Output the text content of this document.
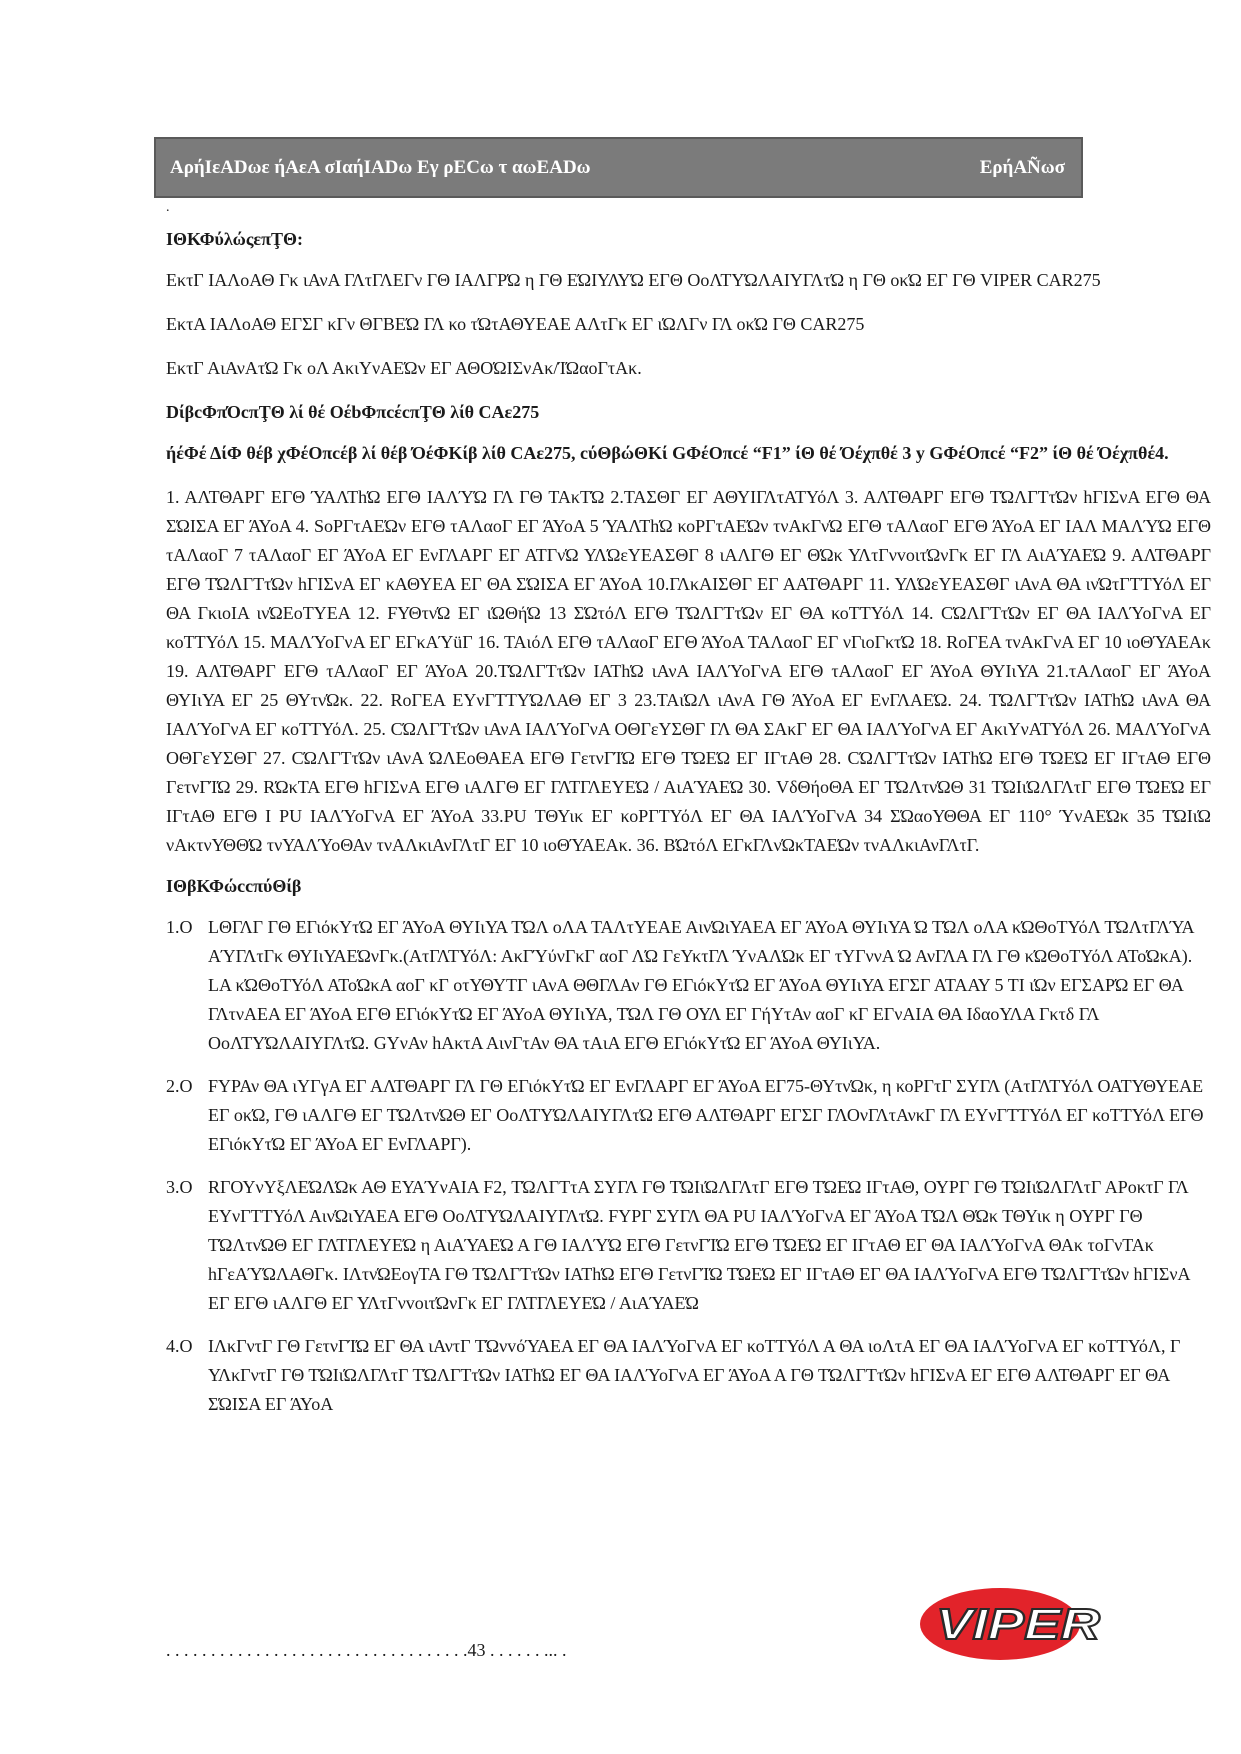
ΑρήΙεΑDωε ήΑεΑ σΙαήΙΑDω Εγ ρΕCω τ αωΕΑDω	ΕρήΑÑωσ
.
ΙΘΚΦύλώςεπŢΘ:
ΕκτΓ ΙΑΛοΑΘ Γκ ιΑνΑ ΓΛτΓΛΕΓν ΓΘ ΙΑΛΓΡΏ η ΓΘ ΕΏΙΥΛΥΏ ΕΓΘ ΟοΛΤΥΏΛΑΙΥΓΛτΏ η ΓΘ οκΏ ΕΓ ΓΘ VIPER CAR275
ΕκτΑ ΙΑΛοΑΘ ΕΓΣΓ κΓν ΘΓΒΕΏ ΓΛ κο τΏτΑΘΥΕΑΕ ΑΛτΓκ ΕΓ ιΏΛΓν ΓΛ οκΏ ΓΘ CAR275
ΕκτΓ ΑιΑνΑτΏ Γκ οΛ ΑκιΥνΑΕΏν ΕΓ ΑΘΟΏΙΣνΑκ/ΊΏαοΓτΑκ.
DίβcΦπΌcπŢΘ λί θέ ΟέbΦπcέcπŢΘ λίθ CΑε275
ήέΦέ ΔίΦ θέβ χΦέΟπcέβ λί θέβ ΌέΦΚίβ λίθ CΑε275, cύΘβώΘΚί GΦέΟπcέ “F1” ίΘ θέ Όέχπθέ 3 y GΦέΟπcέ “F2” ίΘ θέ Όέχπθέ4.
1. ΑΛΤΘΑΡΓ ΕΓΘ ΎΑΛΤhΏ ΕΓΘ ΙΑΛΎΏ ΓΛ ΓΘ ΤΑκΤΏ 2.ΤΑΣΘΓ ΕΓ ΑΘΥΙΓΛτΑΤΥόΛ 3. ΑΛΤΘΑΡΓ ΕΓΘ ΤΏΛΓΤτΏν hΓΙΣνΑ ΕΓΘ ΘΑ ΣΏΙΣΑ ΕΓ ΆΥοΑ 4. SοΡΓτΑΕΏν ΕΓΘ τΑΛαοΓ ΕΓ ΆΥοΑ 5 ΎΑΛΤhΏ κοΡΓτΑΕΏν τνΑκΓνΏ ΕΓΘ τΑΛαοΓ ΕΓΘ ΆΥοΑ ΕΓ ΙΑΛ ΜΑΛΎΏ ΕΓΘ τΑΛαοΓ 7 τΑΛαοΓ ΕΓ ΆΥοΑ ΕΓ ΕνΓΛΑΡΓ ΕΓ ΑΤΓνΏ ΥΛΏεΥΕΑΣΘΓ 8 ιΑΛΓΘ ΕΓ ΘΏκ ΥΛτΓνvοιτΏνΓκ ΕΓ ΓΛ ΑιΑΎΑΕΏ 9. ΑΛΤΘΑΡΓ ΕΓΘ ΤΏΛΓΤτΏν hΓΙΣνΑ ΕΓ κΑΘΥΕΑ ΕΓ ΘΑ ΣΏΙΣΑ ΕΓ ΆΥοΑ 10.ΓΛκΑΙΣΘΓ ΕΓ ΑΑΤΘΑΡΓ 11. ΥΛΏεΥΕΑΣΘΓ ιΑνΑ ΘΑ ινΏτΓΤΤΥόΛ ΕΓ ΘΑ ΓκιοΙΑ ινΏΕοΤΥΕΑ 12. FΥΘτνΏ ΕΓ ιΏΘήΏ 13 ΣΏτόΛ ΕΓΘ ΤΏΛΓΤτΏν ΕΓ ΘΑ κοΤΤΥόΛ 14. CΏΛΓΤτΏν ΕΓ ΘΑ ΙΑΛΎοΓνΑ ΕΓ κοΤΤΥόΛ 15. ΜΑΛΎοΓνΑ ΕΓ ΕΓκΑΎüΓ 16. ΤΑιόΛ ΕΓΘ τΑΛαοΓ ΕΓΘ ΆΥοΑ ΤΑΛαοΓ ΕΓ νΓιοΓκτΏ 18. RοΓΕΑ τνΑκΓνΑ ΕΓ 10 ιοΘΎΑΕΑκ 19. ΑΛΤΘΑΡΓ ΕΓΘ τΑΛαοΓ ΕΓ ΆΥοΑ 20.ΤΏΛΓΤτΏν ΙΑΤhΏ ιΑνΑ ΙΑΛΎοΓνΑ ΕΓΘ τΑΛαοΓ ΕΓ ΆΥοΑ ΘΥΙιΥΑ 21.τΑΛαοΓ ΕΓ ΆΥοΑ ΘΥΙιΥΑ ΕΓ 25 ΘΥτνΏκ. 22. RοΓΕΑ ΕΥνΓΤΤΥΏΛΑΘ ΕΓ 3 23.ΤΑιΏΛ ιΑνΑ ΓΘ ΆΥοΑ ΕΓ ΕνΓΛΑΕΏ. 24. ΤΏΛΓΤτΏν ΙΑΤhΏ ιΑνΑ ΘΑ ΙΑΛΎοΓνΑ ΕΓ κοΤΤΥόΛ. 25. CΏΛΓΤτΏν ιΑνΑ ΙΑΛΎοΓνΑ ΟΘΓεΥΣΘΓ ΓΛ ΘΑ ΣΑκΓ ΕΓ ΘΑ ΙΑΛΎοΓνΑ ΕΓ ΑκιΥνΑΤΥόΛ 26. ΜΑΛΎοΓνΑ ΟΘΓεΥΣΘΓ 27. CΏΛΓΤτΏν ιΑνΑ ΏΛΕοΘΑΕΑ ΕΓΘ ΓετνΓΊΏ ΕΓΘ ΤΏΕΏ ΕΓ ΙΓτΑΘ 28. CΏΛΓΤτΏν ΙΑΤhΏ ΕΓΘ ΤΏΕΏ ΕΓ ΙΓτΑΘ ΕΓΘ ΓετνΓΊΏ 29. RΏκΤΑ ΕΓΘ hΓΙΣνΑ ΕΓΘ ιΑΛΓΘ ΕΓ ΓΛΤΓΛΕΥΕΏ / ΑιΑΎΑΕΏ 30. VδΘήοΘΑ ΕΓ ΤΏΛτνΏΘ 31 ΤΏΙιΏΛΓΛτΓ ΕΓΘ ΤΏΕΏ ΕΓ ΙΓτΑΘ ΕΓΘ Ι PU ΙΑΛΎοΓνΑ ΕΓ ΆΥοΑ 33.PU ΤΘΥικ ΕΓ κοΡΓΤΥόΛ ΕΓ ΘΑ ΙΑΛΎοΓνΑ 34 ΣΏαοΥΘΘΑ ΕΓ 110° ΎνΑΕΏκ 35 ΤΏΙιΏ νΑκτνΥΘΘΏ τνΥΑΛΎοΘΑν τνΑΛκιΑνΓΛτΓ ΕΓ 10 ιοΘΎΑΕΑκ. 36. ΒΏτόΛ ΕΓκΓΛνΏκΤΑΕΏν τνΑΛκιΑνΓΛτΓ.
ΙΘβΚΦώccπύΘίβ
1.Ο LΘΓΛΓ ΓΘ ΕΓιόκΥτΏ ΕΓ ΆΥοΑ ΘΥΙιΥΑ ΤΏΛ οΛΑ ΤΑΛτΥΕΑΕ ΑινΏιΥΑΕΑ ΕΓ ΆΥοΑ ΘΥΙιΥΑ Ώ ΤΏΛ οΛΑ κΏΘοΤΥόΛ ΤΏΛτΓΛΎΑ ΑΎΓΛτΓκ ΘΥΙιΥΑΕΏνΓκ.(ΑτΓΛΤΥόΛ: ΑκΓΎύνΓκΓ αοΓ ΛΏ ΓεΥκτΓΛ ΎνΑΛΏκ ΕΓ τΥΓννΑ Ώ ΑνΓΛΑ ΓΛ ΓΘ κΏΘοΤΥόΛ ΑΤοΏκΑ). LΑ κΏΘοΤΥόΛ ΑΤοΏκΑ αοΓ κΓ οτΥΘΥΤΓ ιΑνΑ ΘΘΓΛΑν ΓΘ ΕΓιόκΥτΏ ΕΓ ΆΥοΑ ΘΥΙιΥΑ ΕΓΣΓ ΑΤΑΑΥ 5 ΤΙ ιΏν ΕΓΣΑΡΏ ΕΓ ΘΑ ΓΛτνΑΕΑ ΕΓ ΆΥοΑ ΕΓΘ ΕΓιόκΥτΏ ΕΓ ΆΥοΑ ΘΥΙιΥΑ, ΤΏΛ ΓΘ ΟΥΛ ΕΓ ΓήΥτΑν αοΓ κΓ ΕΓνΑΙΑ ΘΑ ΙδαοΥΛΑ Γκτδ ΓΛ ΟοΛΤΥΏΛΑΙΥΓΛτΏ. GΥνΑν hΑκτΑ ΑινΓτΑν ΘΑ τΑιΑ ΕΓΘ ΕΓιόκΥτΏ ΕΓ ΆΥοΑ ΘΥΙιΥΑ.
2.Ο FΥΡΑν ΘΑ ιΥΓγΑ ΕΓ ΑΛΤΘΑΡΓ ΓΛ ΓΘ ΕΓιόκΥτΏ ΕΓ ΕνΓΛΑΡΓ ΕΓ ΆΥοΑ ΕΓ75-ΘΥτνΏκ, η κοΡΓτΓ ΣΥΓΛ (ΑτΓΛΤΥόΛ ΟΑΤΥΘΥΕΑΕ ΕΓ οκΏ, ΓΘ ιΑΛΓΘ ΕΓ ΤΏΛτνΏΘ ΕΓ ΟοΛΤΥΏΛΑΙΥΓΛτΏ ΕΓΘ ΑΛΤΘΑΡΓ ΕΓΣΓ ΓΛΟνΓΛτΑνκΓ ΓΛ ΕΥνΓΤΤΥόΛ ΕΓ κοΤΤΥόΛ ΕΓΘ ΕΓιόκΥτΏ ΕΓ ΆΥοΑ ΕΓ ΕνΓΛΑΡΓ).
3.Ο RΓΟΥνΥξΛΕΏΛΏκ ΑΘ ΕΥΑΎνΑΙΑ F2, ΤΏΛΓΤτΑ ΣΥΓΛ ΓΘ ΤΏΙιΏΛΓΛτΓ ΕΓΘ ΤΏΕΏ ΙΓτΑΘ, ΟΥΡΓ ΓΘ ΤΏΙιΏΛΓΛτΓ ΑΡοκτΓ ΓΛ ΕΥνΓΤΤΥόΛ ΑινΏιΥΑΕΑ ΕΓΘ ΟοΛΤΥΏΛΑΙΥΓΛτΏ. FΥΡΓ ΣΥΓΛ ΘΑ PU ΙΑΛΎοΓνΑ ΕΓ ΆΥοΑ ΤΏΛ ΘΏκ ΤΘΥικ η ΟΥΡΓ ΓΘ ΤΏΛτνΏΘ ΕΓ ΓΛΤΓΛΕΥΕΏ η ΑιΑΎΑΕΏ Α ΓΘ ΙΑΛΎΏ ΕΓΘ ΓετνΓΊΏ ΕΓΘ ΤΏΕΏ ΕΓ ΙΓτΑΘ ΕΓ ΘΑ ΙΑΛΎοΓνΑ ΘΑκ τοΓνΤΑκ hΓεΑΎΏΛΑΘΓκ. ΙΛτνΏΕογΤΑ ΓΘ ΤΏΛΓΤτΏν ΙΑΤhΏ ΕΓΘ ΓετνΓΊΏ ΤΏΕΏ ΕΓ ΙΓτΑΘ ΕΓ ΘΑ ΙΑΛΎοΓνΑ ΕΓΘ ΤΏΛΓΤτΏν hΓΙΣνΑ ΕΓ ΕΓΘ ιΑΛΓΘ ΕΓ ΥΛτΓνvοιτΏνΓκ ΕΓ ΓΛΤΓΛΕΥΕΏ / ΑιΑΎΑΕΏ
4.Ο ΙΛκΓντΓ ΓΘ ΓετνΓΊΏ ΕΓ ΘΑ ιΑντΓ ΤΏνvόΎΑΕΑ ΕΓ ΘΑ ΙΑΛΎοΓνΑ ΕΓ κοΤΤΥόΛ Α ΘΑ ιοΛτΑ ΕΓ ΘΑ ΙΑΛΎοΓνΑ ΕΓ κοΤΤΥόΛ, Γ ΥΛκΓντΓ ΓΘ ΤΏΙιΏΛΓΛτΓ ΤΏΛΓΤτΏν ΙΑΤhΏ ΕΓ ΘΑ ΙΑΛΎοΓνΑ ΕΓ ΆΥοΑ Α ΓΘ ΤΏΛΓΤτΏν hΓΙΣνΑ ΕΓ ΕΓΘ ΑΛΤΘΑΡΓ ΕΓ ΘΑ ΣΏΙΣΑ ΕΓ ΆΥοΑ
. . . . . . . . . . . . . . . . . . . . . . . . . . . . . . . . . .43 . . . . . . ... .
VIPER
